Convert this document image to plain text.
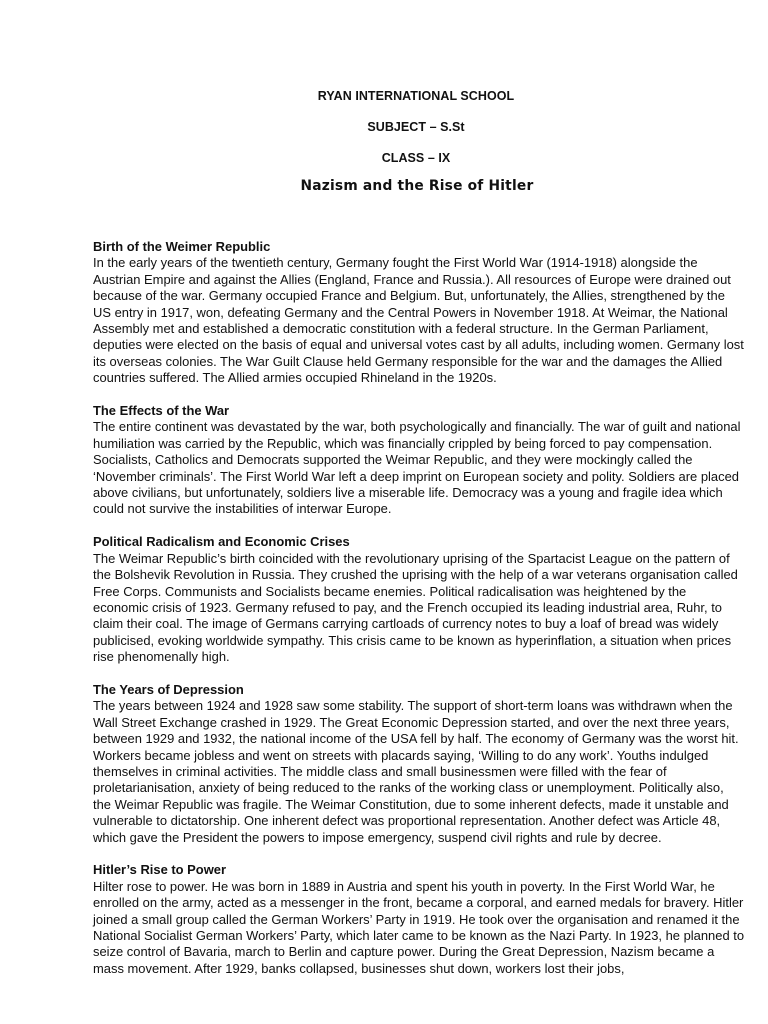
RYAN INTERNATIONAL SCHOOL
SUBJECT – S.St
CLASS – IX
Nazism and the Rise of Hitler
Birth of the Weimer Republic

In the early years of the twentieth century, Germany fought the First World War (1914-1918) alongside the Austrian Empire and against the Allies (England, France and Russia.). All resources of Europe were drained out because of the war. Germany occupied France and Belgium. But, unfortunately, the Allies, strengthened by the US entry in 1917, won, defeating Germany and the Central Powers in November 1918. At Weimar, the National Assembly met and established a democratic constitution with a federal structure. In the German Parliament, deputies were elected on the basis of equal and universal votes cast by all adults, including women. Germany lost its overseas colonies. The War Guilt Clause held Germany responsible for the war and the damages the Allied countries suffered. The Allied armies occupied Rhineland in the 1920s.

The Effects of the War

The entire continent was devastated by the war, both psychologically and financially. The war of guilt and national humiliation was carried by the Republic, which was financially crippled by being forced to pay compensation. Socialists, Catholics and Democrats supported the Weimar Republic, and they were mockingly called the ‘November criminals’. The First World War left a deep imprint on European society and polity. Soldiers are placed above civilians, but unfortunately, soldiers live a miserable life. Democracy was a young and fragile idea which could not survive the instabilities of interwar Europe.

Political Radicalism and Economic Crises

The Weimar Republic’s birth coincided with the revolutionary uprising of the Spartacist League on the pattern of the Bolshevik Revolution in Russia. They crushed the uprising with the help of a war veterans organisation called Free Corps. Communists and Socialists became enemies. Political radicalisation was heightened by the economic crisis of 1923. Germany refused to pay, and the French occupied its leading industrial area, Ruhr, to claim their coal. The image of Germans carrying cartloads of currency notes to buy a loaf of bread was widely publicised, evoking worldwide sympathy. This crisis came to be known as hyperinflation, a situation when prices rise phenomenally high.

The Years of Depression

The years between 1924 and 1928 saw some stability. The support of short-term loans was withdrawn when the Wall Street Exchange crashed in 1929. The Great Economic Depression started, and over the next three years, between 1929 and 1932, the national income of the USA fell by half. The economy of Germany was the worst hit. Workers became jobless and went on streets with placards saying, ‘Willing to do any work’. Youths indulged themselves in criminal activities. The middle class and small businessmen were filled with the fear of proletarianisation, anxiety of being reduced to the ranks of the working class or unemployment. Politically also, the Weimar Republic was fragile. The Weimar Constitution, due to some inherent defects, made it unstable and vulnerable to dictatorship. One inherent defect was proportional representation. Another defect was Article 48, which gave the President the powers to impose emergency, suspend civil rights and rule by decree.

Hitler’s Rise to Power

Hilter rose to power. He was born in 1889 in Austria and spent his youth in poverty. In the First World War, he enrolled on the army, acted as a messenger in the front, became a corporal, and earned medals for bravery. Hitler joined a small group called the German Workers’ Party in 1919. He took over the organisation and renamed it the National Socialist German Workers’ Party, which later came to be known as the Nazi Party. In 1923, he planned to seize control of Bavaria, march to Berlin and capture power. During the Great Depression, Nazism became a mass movement. After 1929, banks collapsed, businesses shut down, workers lost their jobs,
